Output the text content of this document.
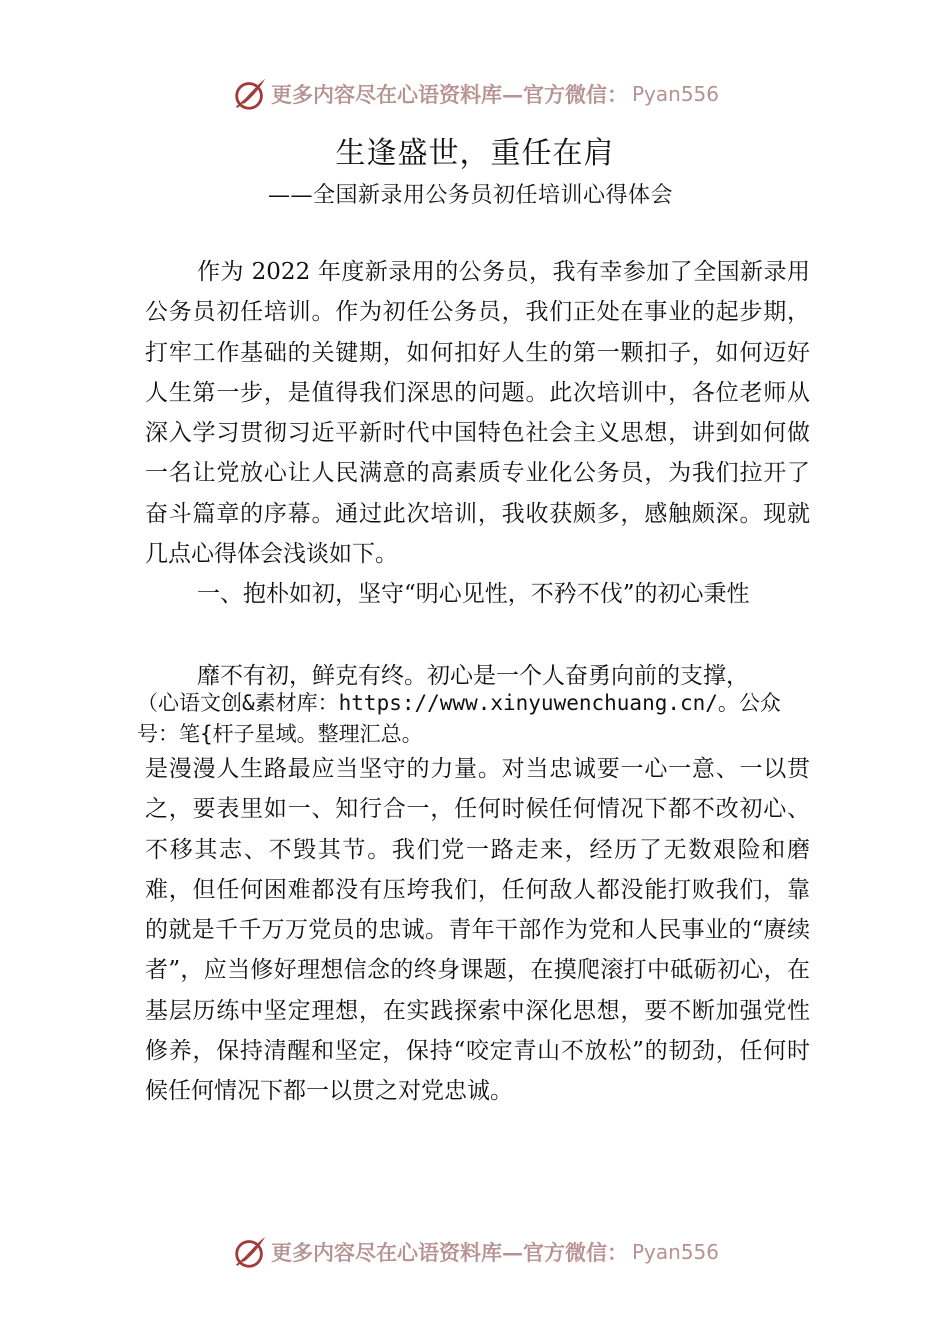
更多内容尽在心语资料库—官方微信： Pyan556
生逢盛世，重任在肩
——全国新录用公务员初任培训心得体会

作为 2022 年度新录用的公务员，我有幸参加了全国新录用公务员初任培训。作为初任公务员，我们正处在事业的起步期，打牢工作基础的关键期，如何扣好人生的第一颗扣子，如何迈好人生第一步，是值得我们深思的问题。此次培训中，各位老师从深入学习贯彻习近平新时代中国特色社会主义思想，讲到如何做一名让党放心让人民满意的高素质专业化公务员，为我们拉开了奋斗篇章的序幕。通过此次培训，我收获颇多，感触颇深。现就几点心得体会浅谈如下。

一、抱朴如初，坚守“明心见性，不矜不伐”的初心秉性

靡不有初，鲜克有终。初心是一个人奋勇向前的支撑，

（心语文创&素材库：https://www.xinyuwenchuang.cn/。公众号：笔{杆子星域。整理汇总。

是漫漫人生路最应当坚守的力量。对当忠诚要一心一意、一以贯之，要表里如一、知行合一，任何时候任何情况下都不改初心、不移其志、不毁其节。我们党一路走来，经历了无数艰险和磨难，但任何困难都没有压垮我们，任何敌人都没能打败我们，靠的就是千千万万党员的忠诚。青年干部作为党和人民事业的“赓续者”，应当修好理想信念的终身课题，在摸爬滚打中砥砺初心，在基层历练中坚定理想，在实践探索中深化思想，要不断加强党性修养，保持清醒和坚定，保持“咬定青山不放松”的韧劲，任何时候任何情况下都一以贯之对党忠诚。

更多内容尽在心语资料库—官方微信： Pyan556
